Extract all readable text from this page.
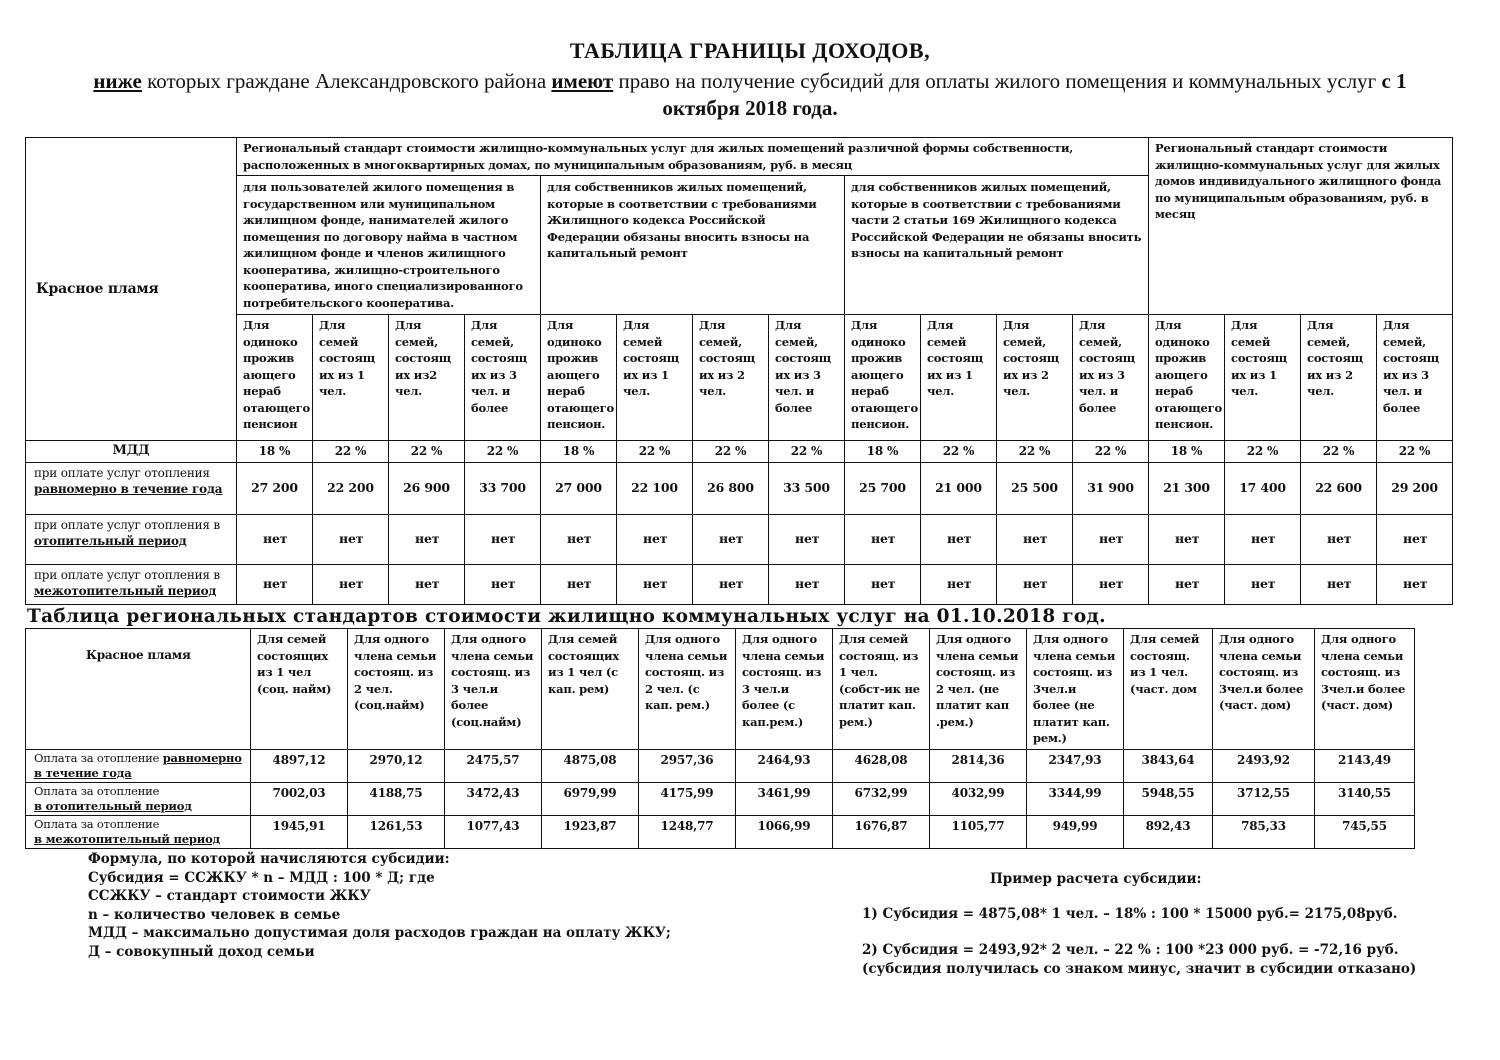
ТАБЛИЦА ГРАНИЦЫ ДОХОДОВ,
ниже которых граждане Александровского района имеют право на получение субсидий для оплаты жилого помещения и коммунальных услуг с 1 октября 2018 года.
Красное пламя	Региональный стандарт стоимости жилищно-коммунальных услуг для жилых помещений различной формы собственности, расположенных в многоквартирных домах, по муниципальным образованиям, руб. в месяц												Региональный стандарт стоимости жилищно-коммунальных услуг для жилых домов индивидуального жилищного фонда по муниципальным образованиям, руб. в месяц			
	для пользователей жилого помещения в государственном или муниципальном жилищном фонде, нанимателей жилого помещения по договору найма в частном жилищном фонде и членов жилищного кооператива, жилищно-строительного кооператива, иного специализированного потребительского кооператива.				для собственников жилых помещений, которые в соответствии с требованиями Жилищного кодекса Российской Федерации обязаны вносить взносы на капитальный ремонт				для собственников жилых помещений, которые в соответствии с требованиями части 2 статьи 169 Жилищного кодекса Российской Федерации не обязаны вносить взносы на капитальный ремонт							
	Для одиноко прожив ающего нераб отающего пенсион	Для семей состоящ их из 1 чел.	Для семей, состоящ их из2 чел.	Для семей, состоящ их из 3 чел. и более	Для одиноко прожив ающего нераб отающего пенсион.	Для семей состоящ их из 1 чел.	Для семей, состоящ их из 2 чел.	Для семей, состоящ их из 3 чел. и более	Для одиноко прожив ающего нераб отающего пенсион.	Для семей состоящ их из 1 чел.	Для семей, состоящ их из 2 чел.	Для семей, состоящ их из 3 чел. и более	Для одиноко прожив ающего нераб отающего пенсион.	Для семей состоящ их из 1 чел.	Для семей, состоящ их из 2 чел.	Для семей, состоящ их из 3 чел. и более
МДД	18 %	22 %	22 %	22 %	18 %	22 %	22 %	22 %	18 %	22 %	22 %	22 %	18 %	22 %	22 %	22 %

при оплате услуг отопления
равномерно в течение года	27 200	22 200	26 900	33 700	27 000	22 100	26 800	33 500	25 700	21 000	25 500	31 900	21 300	17 400	22 600	29 200

при оплате услуг отопления в
отопительный период	нет	нет	нет	нет	нет	нет	нет	нет	нет	нет	нет	нет	нет	нет	нет	нет

при оплате услуг отопления в
межотопительный период	нет	нет	нет	нет	нет	нет	нет	нет	нет	нет	нет	нет	нет	нет	нет	нет
Таблица региональных стандартов стоимости жилищно коммунальных услуг на 01.10.2018 год.
Красное пламя	Для семей состоящих из 1 чел (соц. найм)	Для одного члена семьи состоящ. из 2 чел. (соц.найм)	Для одного члена семьи состоящ. из 3 чел.и более (соц.найм)	Для семей состоящих из 1 чел (с кап. рем)	Для одного члена семьи состоящ. из 2 чел. (с кап. рем.)	Для одного члена семьи состоящ. из 3 чел.и более (с кап.рем.)	Для семей состоящ. из 1 чел. (собст-ик не платит кап. рем.)	Для одного члена семьи состоящ. из 2 чел. (не платит кап .рем.)	Для одного члена семьи состоящ. из 3чел.и более (не платит кап. рем.)	Для семей состоящ. из 1 чел. (част. дом	Для одного члена семьи состоящ. из 3чел.и более (част. дом)	Для одного члена семьи состоящ. из 3чел.и более (част. дом)

Оплата за отопление равномерно
в течение года	4897,12	2970,12	2475,57	4875,08	2957,36	2464,93	4628,08	2814,36	2347,93	3843,64	2493,92	2143,49

Оплата за отопление
в отопительный период	7002,03	4188,75	3472,43	6979,99	4175,99	3461,99	6732,99	4032,99	3344,99	5948,55	3712,55	3140,55

Оплата за отопление
в межотопительный период	1945,91	1261,53	1077,43	1923,87	1248,77	1066,99	1676,87	1105,77	949,99	892,43	785,33	745,55
Формула, по которой начисляются субсидии:
Субсидия = ССЖКУ * n – МДД : 100 * Д; где
ССЖКУ – стандарт стоимости ЖКУ
n – количество человек в семье
МДД – максимально допустимая доля расходов граждан на оплату ЖКУ;
Д – совокупный доход семьи
Пример расчета субсидии:
1) Субсидия = 4875,08* 1 чел. – 18% : 100 * 15000 руб.= 2175,08руб.
2) Субсидия = 2493,92* 2 чел. – 22 % : 100 *23 000 руб. = -72,16 руб.
(субсидия получилась со знаком минус, значит в субсидии отказано)
